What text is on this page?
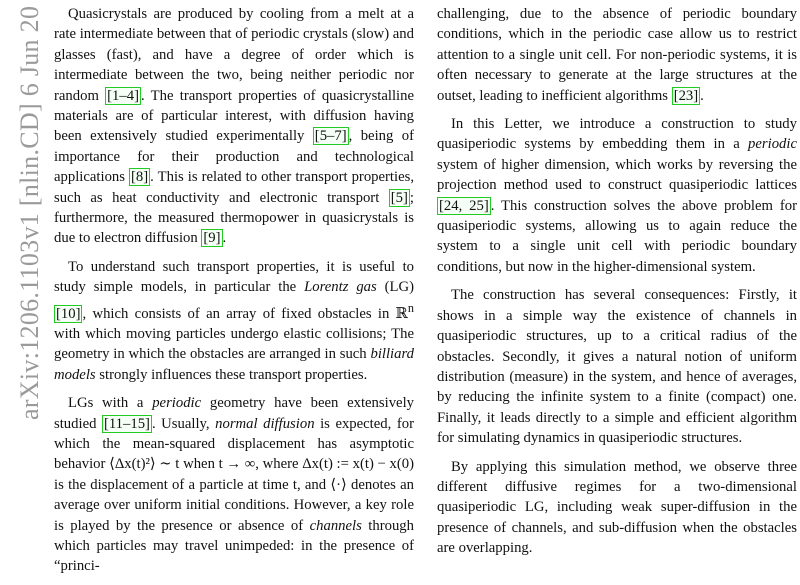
arXiv:1206.1103v1 [nlin.CD] 6 Jun 20	Quasicrystals are produced by cooling from a melt at a rate intermediate between that of periodic crystals (slow) and glasses (fast), and have a degree of order which is intermediate between the two, being neither periodic nor random [1–4] . The transport properties of quasicrystalline materials are of particular interest, with diffusion having been extensively studied experimentally [5–7] , being of importance for their production and technological applications [8] . This is related to other transport properties, such as heat conductivity and electronic transport [5] ; furthermore, the measured thermopower in quasicrystals is due to electron diffusion [9] .

To understand such transport properties, it is useful to study simple models, in particular the Lorentz gas (LG) [10] , which consists of an array of fixed obstacles in ℝ$^n$ with which moving particles undergo elastic collisions; The geometry in which the obstacles are arranged in such billiard models strongly influences these transport properties.

LGs with a periodic geometry have been extensively studied [11–15] . Usually, normal diffusion is expected, for which the mean-squared displacement has asymptotic behavior ⟨Δx(t)²⟩ ∼ t when t → ∞, where Δx(t) := x(t) − x(0) is the displacement of a particle at time t, and ⟨·⟩ denotes an average over uniform initial conditions. However, a key role is played by the presence or absence of channels through which particles may travel unimpeded: in the presence of “princi-

challenging, due to the absence of periodic boundary conditions, which in the periodic case allow us to restrict attention to a single unit cell. For non-periodic systems, it is often necessary to generate at the large structures at the outset, leading to inefficient algorithms [23] .

In this Letter, we introduce a construction to study quasiperiodic systems by embedding them in a periodic system of higher dimension, which works by reversing the projection method used to construct quasiperiodic lattices [24, 25] . This construction solves the above problem for quasiperiodic systems, allowing us to again reduce the system to a single unit cell with periodic boundary conditions, but now in the higher-dimensional system.

The construction has several consequences: Firstly, it shows in a simple way the existence of channels in quasiperiodic structures, up to a critical radius of the obstacles. Secondly, it gives a natural notion of uniform distribution (measure) in the system, and hence of averages, by reducing the infinite system to a finite (compact) one. Finally, it leads directly to a simple and efficient algorithm for simulating dynamics in quasiperiodic structures.

By applying this simulation method, we observe three different diffusive regimes for a two-dimensional quasiperiodic LG, including weak super-diffusion in the presence of channels, and sub-diffusion when the obstacles are overlapping.
